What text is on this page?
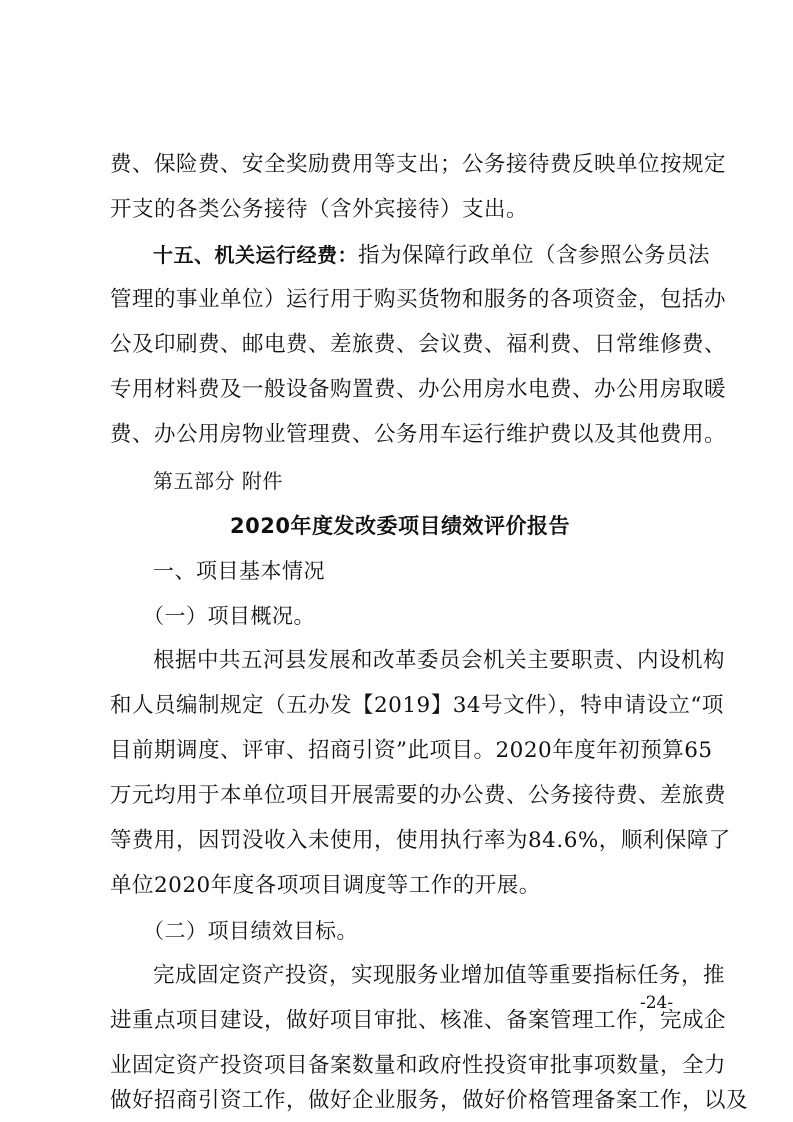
费、保险费、安全奖励费用等支出；公务接待费反映单位按规定
开支的各类公务接待（含外宾接待）支出。
十五、机关运行经费：指为保障行政单位（含参照公务员法
管理的事业单位）运行用于购买货物和服务的各项资金，包括办
公及印刷费、邮电费、差旅费、会议费、福利费、日常维修费、
专用材料费及一般设备购置费、办公用房水电费、办公用房取暖
费、办公用房物业管理费、公务用车运行维护费以及其他费用。
第五部分 附件
2020年度发改委项目绩效评价报告
一、项目基本情况
（一）项目概况。
根据中共五河县发展和改革委员会机关主要职责、内设机构
和人员编制规定（五办发【2019】34号文件），特申请设立“项
目前期调度、评审、招商引资”此项目。2020年度年初预算65
万元均用于本单位项目开展需要的办公费、公务接待费、差旅费
等费用，因罚没收入未使用，使用执行率为84.6%，顺利保障了
单位2020年度各项项目调度等工作的开展。
（二）项目绩效目标。
完成固定资产投资，实现服务业增加值等重要指标任务，推
进重点项目建设，做好项目审批、核准、备案管理工作，完成企
业固定资产投资项目备案数量和政府性投资审批事项数量，全力
做好招商引资工作，做好企业服务，做好价格管理备案工作，以及
-24-
